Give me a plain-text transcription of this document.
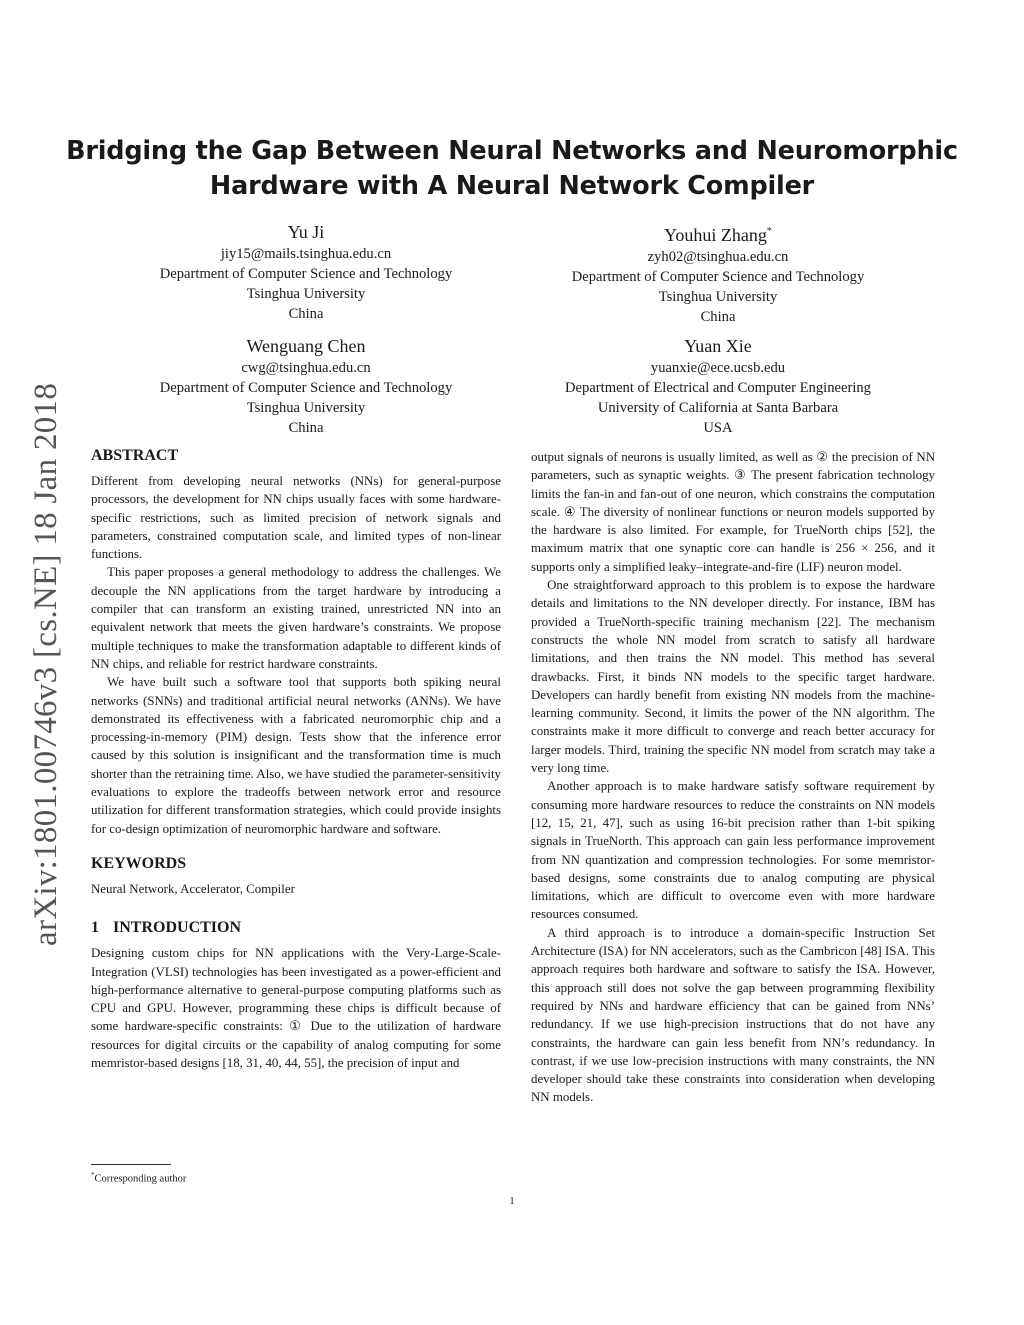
Bridging the Gap Between Neural Networks and Neuromorphic
Hardware with A Neural Network Compiler
Yu Ji
jiy15@mails.tsinghua.edu.cn
Department of Computer Science and Technology
Tsinghua University
China
Youhui Zhang*
zyh02@tsinghua.edu.cn
Department of Computer Science and Technology
Tsinghua University
China
Wenguang Chen
cwg@tsinghua.edu.cn
Department of Computer Science and Technology
Tsinghua University
China
Yuan Xie
yuanxie@ece.ucsb.edu
Department of Electrical and Computer Engineering
University of California at Santa Barbara
USA
arXiv:1801.00746v3 [cs.NE] 18 Jan 2018 ABSTRACT

Different from developing neural networks (NNs) for general-purpose processors, the development for NN chips usually faces with some hardware-specific restrictions, such as limited precision of network signals and parameters, constrained computation scale, and limited types of non-linear functions.

This paper proposes a general methodology to address the challenges. We decouple the NN applications from the target hardware by introducing a compiler that can transform an existing trained, unrestricted NN into an equivalent network that meets the given hardware’s constraints. We propose multiple techniques to make the transformation adaptable to different kinds of NN chips, and reliable for restrict hardware constraints.

We have built such a software tool that supports both spiking neural networks (SNNs) and traditional artificial neural networks (ANNs). We have demonstrated its effectiveness with a fabricated neuromorphic chip and a processing-in-memory (PIM) design. Tests show that the inference error caused by this solution is insignificant and the transformation time is much shorter than the retraining time. Also, we have studied the parameter-sensitivity evaluations to explore the tradeoffs between network error and resource utilization for different transformation strategies, which could provide insights for co-design optimization of neuromorphic hardware and software.

KEYWORDS

Neural Network, Accelerator, Compiler

1 INTRODUCTION

Designing custom chips for NN applications with the Very-Large-Scale-Integration (VLSI) technologies has been investigated as a power-efficient and high-performance alternative to general-purpose computing platforms such as CPU and GPU. However, programming these chips is difficult because of some hardware-specific constraints: ① Due to the utilization of hardware resources for digital circuits or the capability of analog computing for some memristor-based designs [18, 31, 40, 44, 55], the precision of input and

output signals of neurons is usually limited, as well as ② the precision of NN parameters, such as synaptic weights. ③ The present fabrication technology limits the fan-in and fan-out of one neuron, which constrains the computation scale. ④ The diversity of nonlinear functions or neuron models supported by the hardware is also limited. For example, for TrueNorth chips [52], the maximum matrix that one synaptic core can handle is 256 × 256, and it supports only a simplified leaky–integrate-and-fire (LIF) neuron model.

One straightforward approach to this problem is to expose the hardware details and limitations to the NN developer directly. For instance, IBM has provided a TrueNorth-specific training mechanism [22]. The mechanism constructs the whole NN model from scratch to satisfy all hardware limitations, and then trains the NN model. This method has several drawbacks. First, it binds NN models to the specific target hardware. Developers can hardly benefit from existing NN models from the machine-learning community. Second, it limits the power of the NN algorithm. The constraints make it more difficult to converge and reach better accuracy for larger models. Third, training the specific NN model from scratch may take a very long time.

Another approach is to make hardware satisfy software requirement by consuming more hardware resources to reduce the constraints on NN models [12, 15, 21, 47], such as using 16-bit precision rather than 1-bit spiking signals in TrueNorth. This approach can gain less performance improvement from NN quantization and compression technologies. For some memristor-based designs, some constraints due to analog computing are physical limitations, which are difficult to overcome even with more hardware resources consumed.

A third approach is to introduce a domain-specific Instruction Set Architecture (ISA) for NN accelerators, such as the Cambricon [48] ISA. This approach requires both hardware and software to satisfy the ISA. However, this approach still does not solve the gap between programming flexibility required by NNs and hardware efficiency that can be gained from NNs’ redundancy. If we use high-precision instructions that do not have any constraints, the hardware can gain less benefit from NN’s redundancy. In contrast, if we use low-precision instructions with many constraints, the NN developer should take these constraints into consideration when developing NN models.

*Corresponding author
1
